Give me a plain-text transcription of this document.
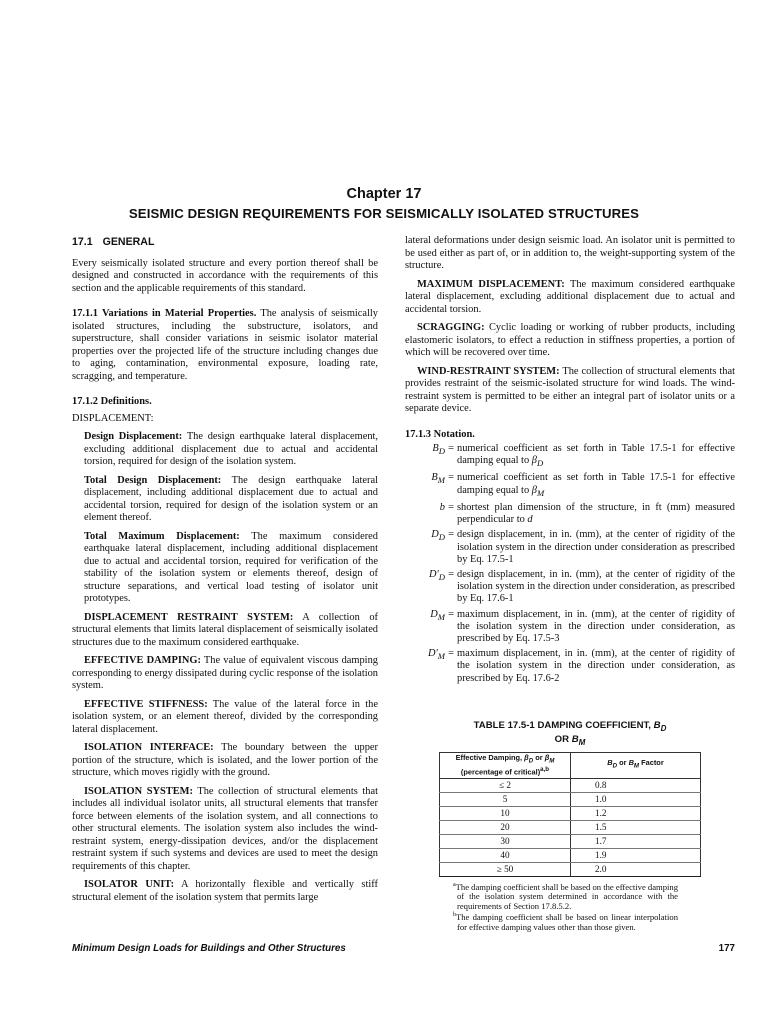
Chapter 17
SEISMIC DESIGN REQUIREMENTS FOR SEISMICALLY ISOLATED STRUCTURES
17.1 GENERAL

Every seismically isolated structure and every portion thereof shall be designed and constructed in accordance with the requirements of this section and the applicable requirements of this standard.

17.1.1 Variations in Material Properties. The analysis of seismically isolated structures, including the substructure, isolators, and superstructure, shall consider variations in seismic isolator material properties over the projected life of the structure including changes due to aging, contamination, environmental exposure, loading rate, scragging, and temperature.

17.1.2 Definitions.

DISPLACEMENT:

Design Displacement: The design earthquake lateral displacement, excluding additional displacement due to actual and accidental torsion, required for design of the isolation system.

Total Design Displacement: The design earthquake lateral displacement, including additional displacement due to actual and accidental torsion, required for design of the isolation system or an element thereof.

Total Maximum Displacement: The maximum considered earthquake lateral displacement, including additional displacement due to actual and accidental torsion, required for verification of the stability of the isolation system or elements thereof, design of structure separations, and vertical load testing of isolator unit prototypes.

DISPLACEMENT RESTRAINT SYSTEM: A collection of structural elements that limits lateral displacement of seismically isolated structures due to the maximum considered earthquake.

EFFECTIVE DAMPING: The value of equivalent viscous damping corresponding to energy dissipated during cyclic response of the isolation system.

EFFECTIVE STIFFNESS: The value of the lateral force in the isolation system, or an element thereof, divided by the corresponding lateral displacement.

ISOLATION INTERFACE: The boundary between the upper portion of the structure, which is isolated, and the lower portion of the structure, which moves rigidly with the ground.

ISOLATION SYSTEM: The collection of structural elements that includes all individual isolator units, all structural elements that transfer force between elements of the isolation system, and all connections to other structural elements. The isolation system also includes the wind-restraint system, energy-dissipation devices, and/or the displacement restraint system if such systems and devices are used to meet the design requirements of this chapter.

ISOLATOR UNIT: A horizontally flexible and vertically stiff structural element of the isolation system that permits large

lateral deformations under design seismic load. An isolator unit is permitted to be used either as part of, or in addition to, the weight-supporting system of the structure.

MAXIMUM DISPLACEMENT: The maximum considered earthquake lateral displacement, excluding additional displacement due to actual and accidental torsion.

SCRAGGING: Cyclic loading or working of rubber products, including elastomeric isolators, to effect a reduction in stiffness properties, a portion of which will be recovered over time.

WIND-RESTRAINT SYSTEM: The collection of structural elements that provides restraint of the seismic-isolated structure for wind loads. The wind-restraint system is permitted to be either an integral part of isolator units or a separate device.

17.1.3 Notation.

$B_D$	=	numerical coefficient as set forth in Table 17.5-1 for effective damping equal to $\beta_D$
$B_M$	=	numerical coefficient as set forth in Table 17.5-1 for effective damping equal to $\beta_M$
b	=	shortest plan dimension of the structure, in ft (mm) measured perpendicular to d
$D_D$	=	design displacement, in in. (mm), at the center of rigidity of the isolation system in the direction under consideration as prescribed by Eq. 17.5-1
$D'_D$	=	design displacement, in in. (mm), at the center of rigidity of the isolation system in the direction under consideration, as prescribed by Eq. 17.6-1
$D_M$	=	maximum displacement, in in. (mm), at the center of rigidity of the isolation system in the direction under consideration, as prescribed by Eq. 17.5-3
$D'_M$	=	maximum displacement, in in. (mm), at the center of rigidity of the isolation system in the direction under consideration, as prescribed by Eq. 17.6-2
TABLE 17.5-1 DAMPING COEFFICIENT, $B_D$
OR $B_M$
Effective Damping, $\beta_D$ or $\beta_M$ (percentage of critical)$^{a,b}$	$B_D$ or $B_M$ Factor
≤ 2	0.8
5	1.0
10	1.2
20	1.5
30	1.7
40	1.9
≥ 50	2.0

$^a$The damping coefficient shall be based on the effective damping of the isolation system determined in accordance with the requirements of Section 17.8.5.2.

$^b$The damping coefficient shall be based on linear interpolation for effective damping values other than those given.

Minimum Design Loads for Buildings and Other Structures	177
